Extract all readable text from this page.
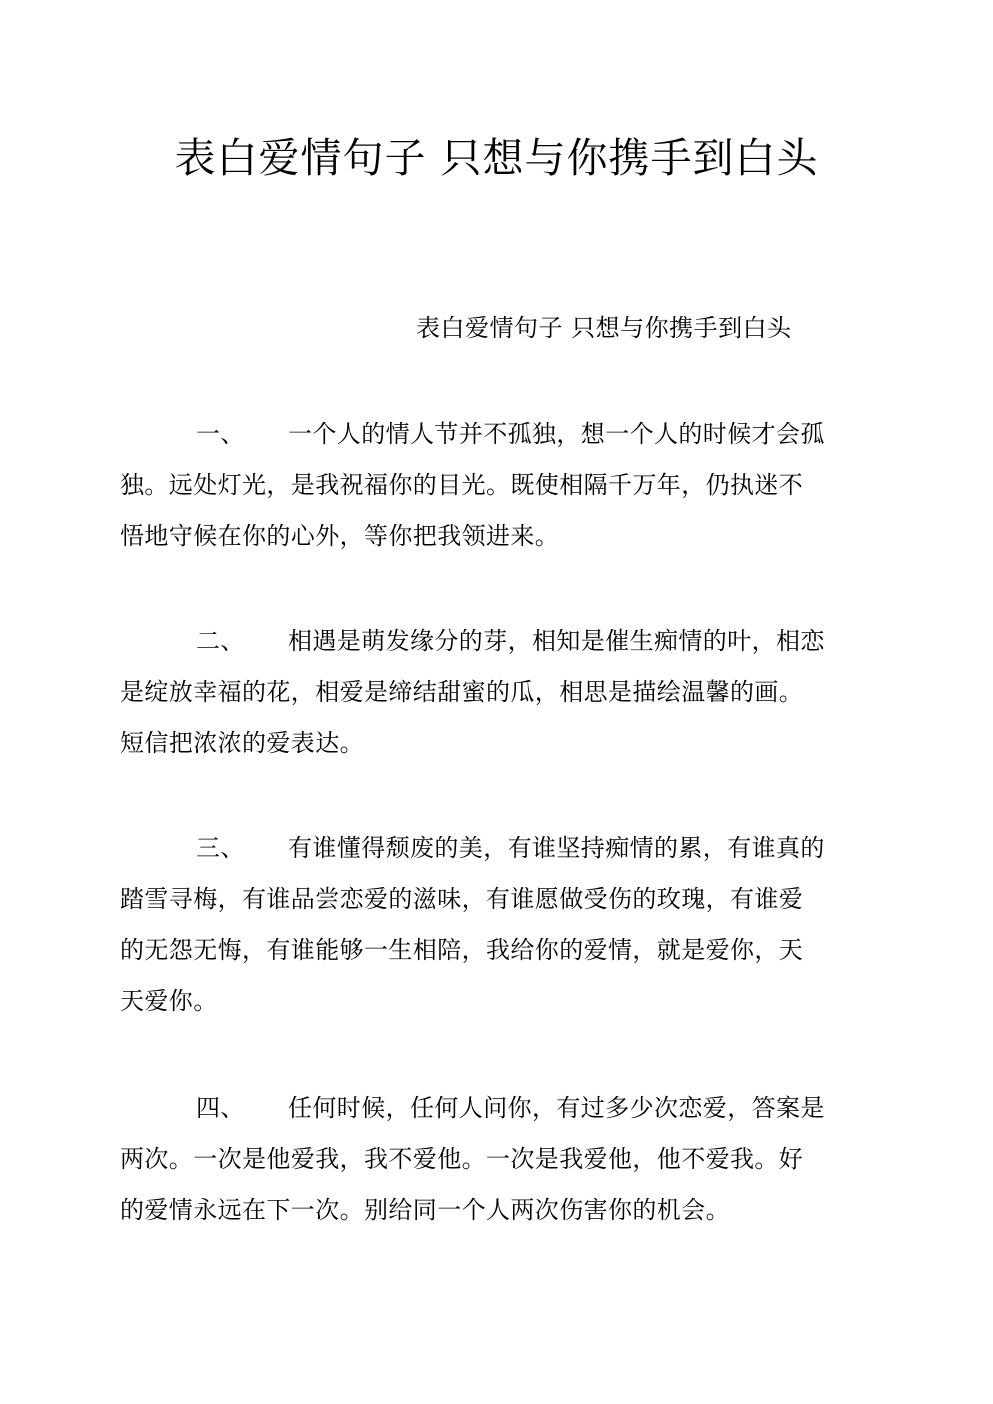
表白爱情句子 只想与你携手到白头
表白爱情句子 只想与你携手到白头
一、 一个人的情人节并不孤独，想一个人的时候才会孤
独。远处灯光，是我祝福你的目光。既使相隔千万年，仍执迷不
悟地守候在你的心外，等你把我领进来。
二、 相遇是萌发缘分的芽，相知是催生痴情的叶，相恋
是绽放幸福的花，相爱是缔结甜蜜的瓜，相思是描绘温馨的画。
短信把浓浓的爱表达。
三、 有谁懂得颓废的美，有谁坚持痴情的累，有谁真的
踏雪寻梅，有谁品尝恋爱的滋味，有谁愿做受伤的玫瑰，有谁爱
的无怨无悔，有谁能够一生相陪，我给你的爱情，就是爱你，天
天爱你。
四、 任何时候，任何人问你，有过多少次恋爱，答案是
两次。一次是他爱我，我不爱他。一次是我爱他，他不爱我。好
的爱情永远在下一次。别给同一个人两次伤害你的机会。
